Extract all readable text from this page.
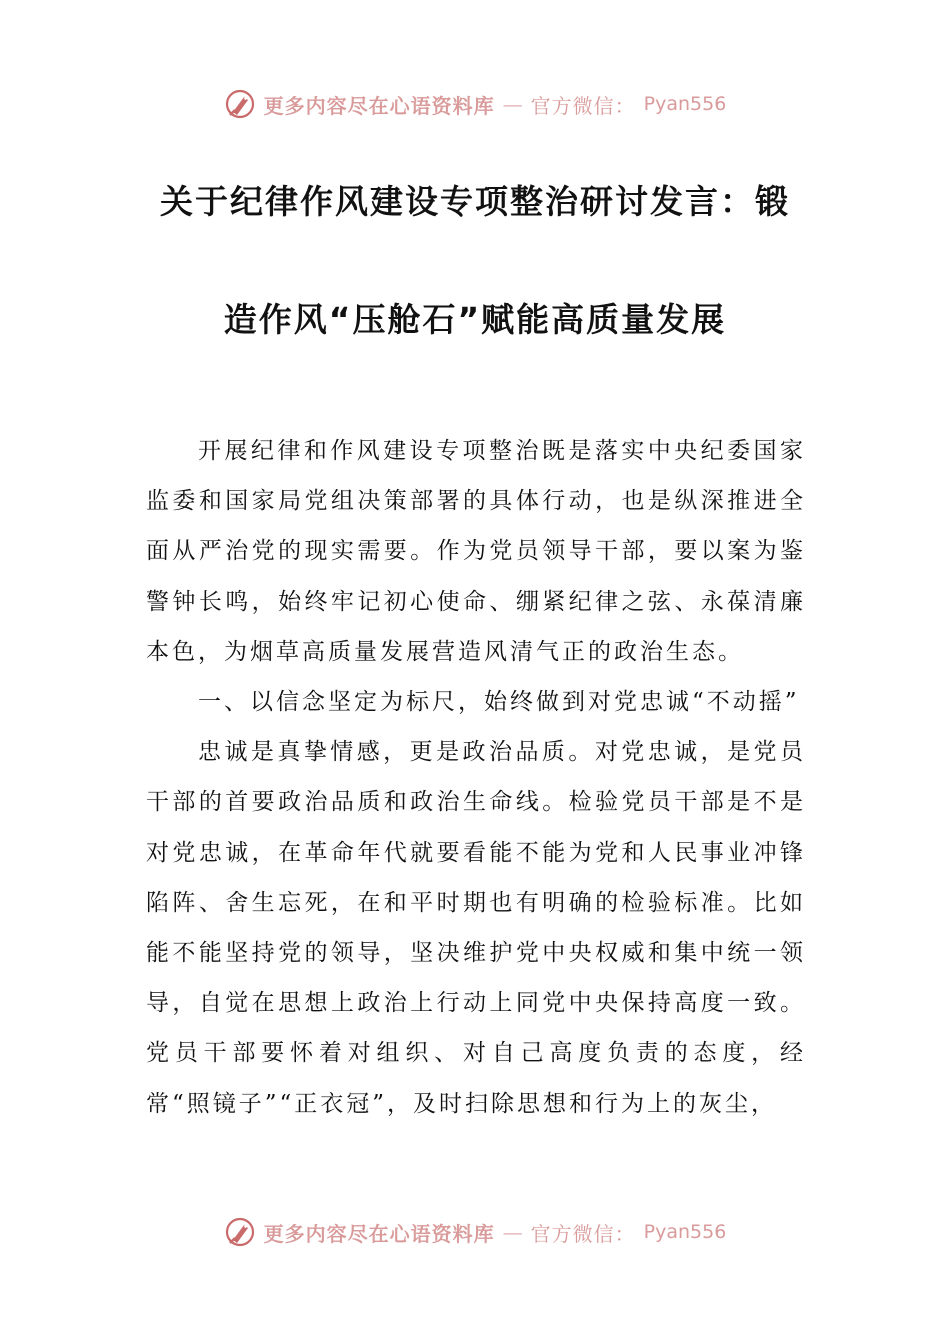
更多内容尽在心语资料库 — 官方微信： Pyan556
关于纪律作风建设专项整治研讨发言：锻
造作风“压舱石”赋能高质量发展

开展纪律和作风建设专项整治既是落实中央纪委国家监委和国家局党组决策部署的具体行动，也是纵深推进全面从严治党的现实需要。作为党员领导干部，要以案为鉴警钟长鸣，始终牢记初心使命、绷紧纪律之弦、永葆清廉本色，为烟草高质量发展营造风清气正的政治生态。

一、以信念坚定为标尺，始终做到对党忠诚“不动摇”

忠诚是真挚情感，更是政治品质。对党忠诚，是党员干部的首要政治品质和政治生命线。检验党员干部是不是对党忠诚，在革命年代就要看能不能为党和人民事业冲锋陷阵、舍生忘死，在和平时期也有明确的检验标准。比如能不能坚持党的领导，坚决维护党中央权威和集中统一领导，自觉在思想上政治上行动上同党中央保持高度一致。党员干部要怀着对组织、对自己高度负责的态度，经常“照镜子”“正衣冠”，及时扫除思想和行为上的灰尘，

更多内容尽在心语资料库 — 官方微信： Pyan556
